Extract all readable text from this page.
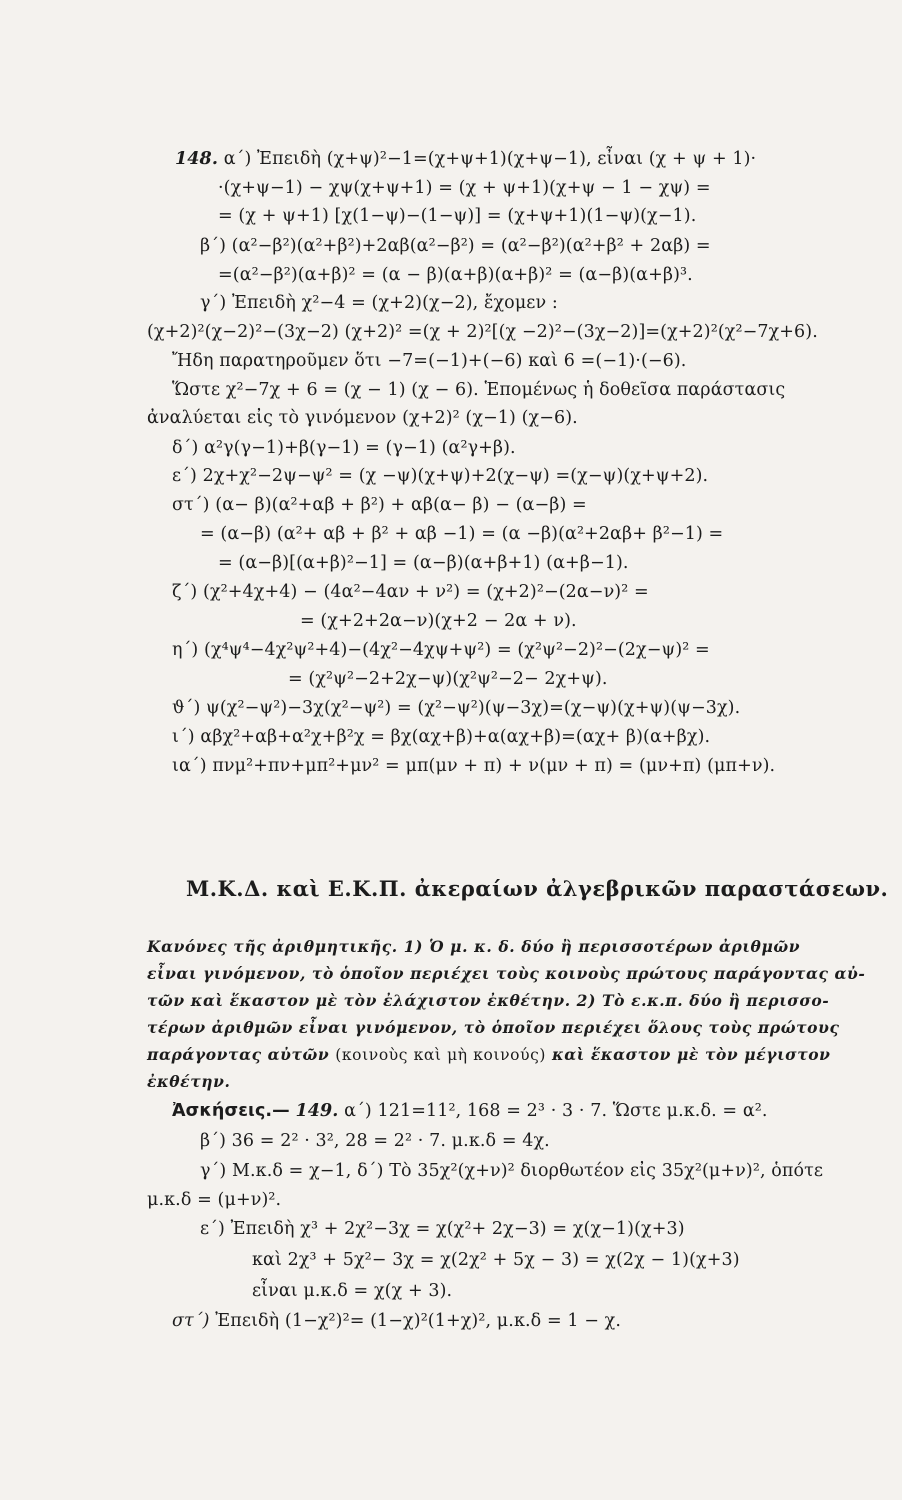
148. α΄) Ἐπειδὴ (χ+ψ)²−1=(χ+ψ+1)(χ+ψ−1), εἶναι (χ + ψ + 1)·
·(χ+ψ−1) − χψ(χ+ψ+1) = (χ + ψ+1)(χ+ψ − 1 − χψ) =
= (χ + ψ+1) [χ(1−ψ)−(1−ψ)] = (χ+ψ+1)(1−ψ)(χ−1).
β΄) (α²−β²)(α²+β²)+2αβ(α²−β²) = (α²−β²)(α²+β² + 2αβ) =
=(α²−β²)(α+β)² = (α − β)(α+β)(α+β)² = (α−β)(α+β)³.
γ΄) Ἐπειδὴ χ²−4 = (χ+2)(χ−2), ἔχομεν :
(χ+2)²(χ−2)²−(3χ−2) (χ+2)² =(χ + 2)²[(χ −2)²−(3χ−2)]=(χ+2)²(χ²−7χ+6).
Ἤδη παρατηροῦμεν ὅτι −7=(−1)+(−6) καὶ 6 =(−1)·(−6).
Ὥστε χ²−7χ + 6 = (χ − 1) (χ − 6). Ἑπομένως ἡ δοθεῖσα παράστασις
ἀναλύεται εἰς τὸ γινόμενον (χ+2)² (χ−1) (χ−6).
δ΄) α²γ(γ−1)+β(γ−1) = (γ−1) (α²γ+β).
ε΄) 2χ+χ²−2ψ−ψ² = (χ −ψ)(χ+ψ)+2(χ−ψ) =(χ−ψ)(χ+ψ+2).
στ΄) (α− β)(α²+αβ + β²) + αβ(α− β) − (α−β) =
= (α−β) (α²+ αβ + β² + αβ −1) = (α −β)(α²+2αβ+ β²−1) =
= (α−β)[(α+β)²−1] = (α−β)(α+β+1) (α+β−1).
ζ΄) (χ²+4χ+4) − (4α²−4αν + ν²) = (χ+2)²−(2α−ν)² =
= (χ+2+2α−ν)(χ+2 − 2α + ν).
η΄) (χ⁴ψ⁴−4χ²ψ²+4)−(4χ²−4χψ+ψ²) = (χ²ψ²−2)²−(2χ−ψ)² =
= (χ²ψ²−2+2χ−ψ)(χ²ψ²−2− 2χ+ψ).
ϑ΄) ψ(χ²−ψ²)−3χ(χ²−ψ²) = (χ²−ψ²)(ψ−3χ)=(χ−ψ)(χ+ψ)(ψ−3χ).
ι΄) αβχ²+αβ+α²χ+β²χ = βχ(αχ+β)+α(αχ+β)=(αχ+ β)(α+βχ).
ια΄) πνμ²+πν+μπ²+μν² = μπ(μν + π) + ν(μν + π) = (μν+π) (μπ+ν).
Μ.Κ.Δ. καὶ Ε.Κ.Π. ἀκεραίων ἀλγεβρικῶν παραστάσεων.
Κανόνες τῆς ἀριθμητικῆς. 1) Ὁ μ. κ. δ. δύο ἢ περισσοτέρων ἀριθμῶν
εἶναι γινόμενον, τὸ ὁποῖον περιέχει τοὺς κοινοὺς πρώτους παράγοντας αὐ-
τῶν καὶ ἕκαστον μὲ τὸν ἐλάχιστον ἐκθέτην. 2) Τὸ ε.κ.π. δύο ἢ περισσο-
τέρων ἀριθμῶν εἶναι γινόμενον, τὸ ὁποῖον περιέχει ὅλους τοὺς πρώτους
παράγοντας αὐτῶν (κοινοὺς καὶ μὴ κοινούς) καὶ ἕκαστον μὲ τὸν μέγιστον
ἐκθέτην.
Ἀσκήσεις.— 149. α΄) 121=11², 168 = 2³ · 3 · 7. Ὥστε μ.κ.δ. = α².
β΄) 36 = 2² · 3², 28 = 2² · 7. μ.κ.δ = 4χ.
γ΄) Μ.κ.δ = χ−1, δ΄) Τὸ 35χ²(χ+ν)² διορθωτέον εἰς 35χ²(μ+ν)², ὁπότε
μ.κ.δ = (μ+ν)².
ε΄) Ἐπειδὴ χ³ + 2χ²−3χ = χ(χ²+ 2χ−3) = χ(χ−1)(χ+3)
καὶ 2χ³ + 5χ²− 3χ = χ(2χ² + 5χ − 3) = χ(2χ − 1)(χ+3)
εἶναι μ.κ.δ = χ(χ + 3).
στ΄) Ἐπειδὴ (1−χ²)²= (1−χ)²(1+χ)², μ.κ.δ = 1 − χ.
